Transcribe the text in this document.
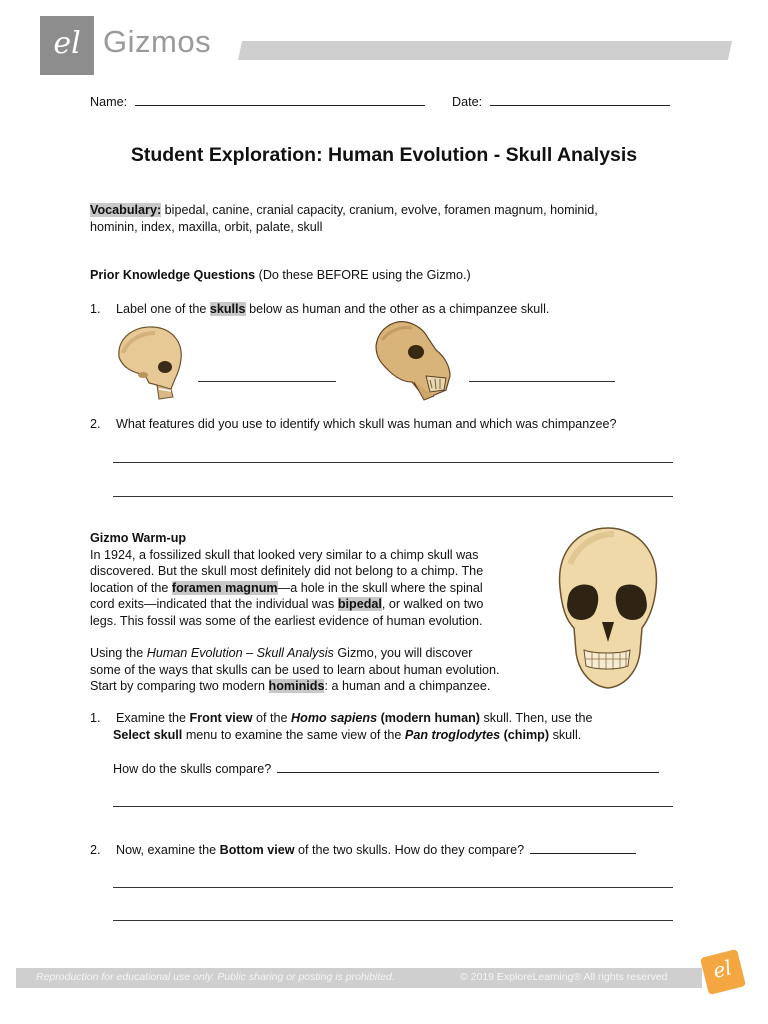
el Gizmos
Name:	Date:
Student Exploration: Human Evolution - Skull Analysis
Vocabulary: bipedal, canine, cranial capacity, cranium, evolve, foramen magnum, hominid,
hominin, index, maxilla, orbit, palate, skull
Prior Knowledge Questions (Do these BEFORE using the Gizmo.)
1. Label one of the skulls below as human and the other as a chimpanzee skull.
2. What features did you use to identify which skull was human and which was chimpanzee?
Gizmo Warm-up
In 1924, a fossilized skull that looked very similar to a chimp skull was
discovered. But the skull most definitely did not belong to a chimp. The
location of the foramen magnum—a hole in the skull where the spinal
cord exits—indicated that the individual was bipedal, or walked on two
legs. This fossil was some of the earliest evidence of human evolution.
Using the Human Evolution – Skull Analysis Gizmo, you will discover
some of the ways that skulls can be used to learn about human evolution.
Start by comparing two modern hominids: a human and a chimpanzee.
1. Examine the Front view of the Homo sapiens (modern human) skull. Then, use the
Select skull menu to examine the same view of the Pan troglodytes (chimp) skull.
How do the skulls compare?
2. Now, examine the Bottom view of the two skulls. How do they compare?
Reproduction for educational use only. Public sharing or posting is prohibited.	© 2019 ExploreLearning® All rights reserved	el
